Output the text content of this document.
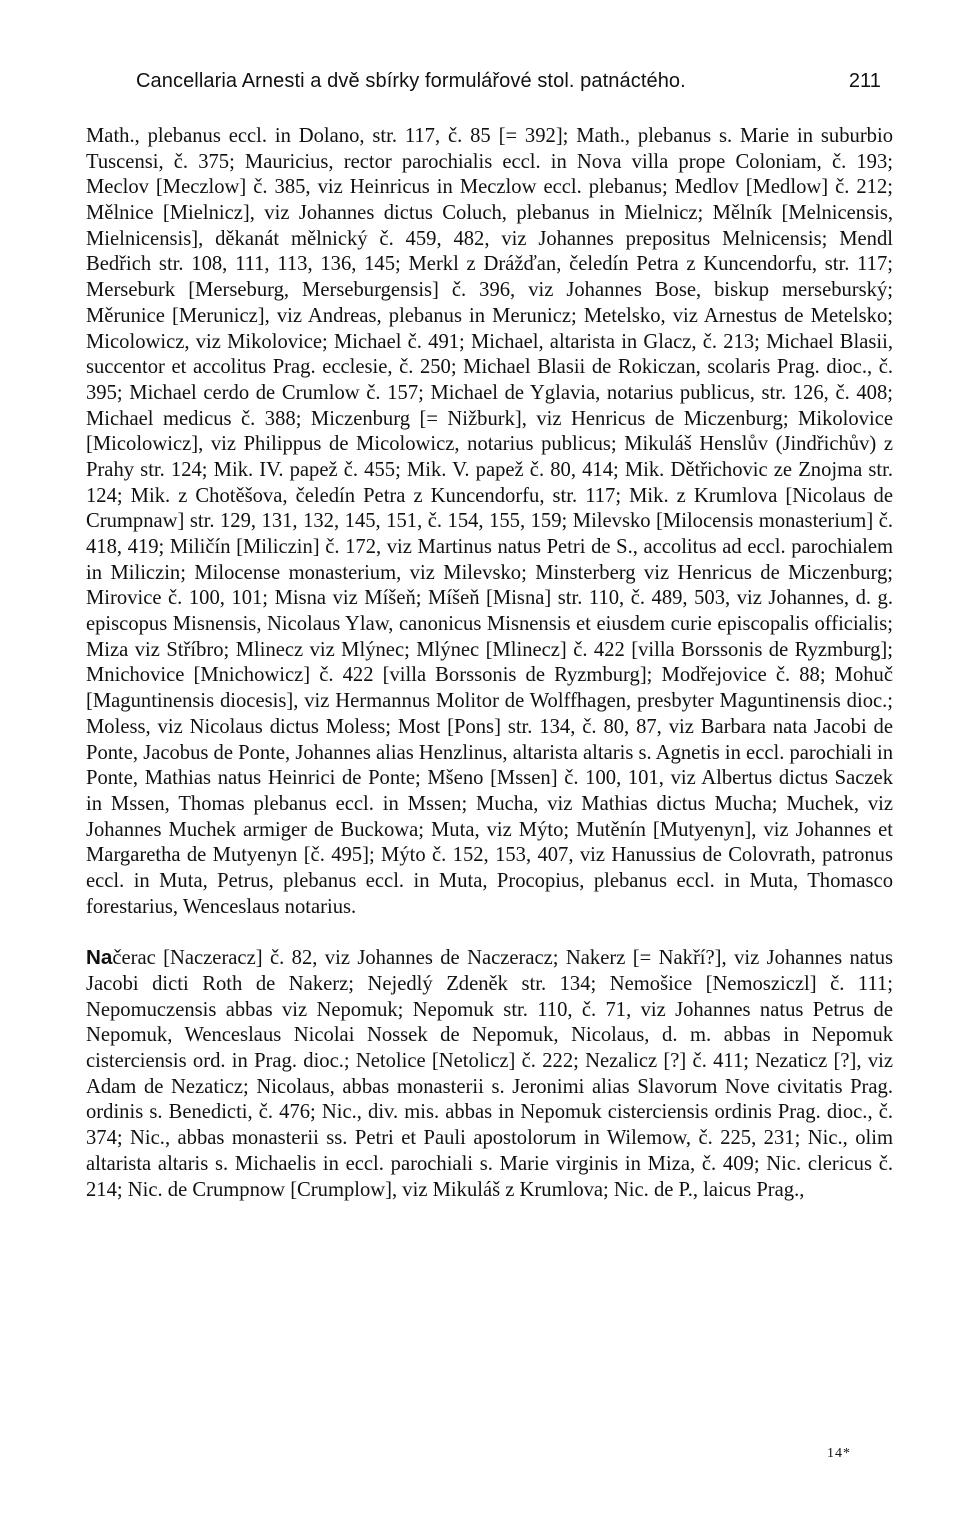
Cancellaria Arnesti a dvě sbírky formulářové stol. patnáctého.	211

Math., plebanus eccl. in Dolano, str. 117, č. 85 [= 392]; Math., plebanus s. Marie in suburbio Tuscensi, č. 375; Mauricius, rector parochialis eccl. in Nova villa prope Coloniam, č. 193; Meclov [Meczlow] č. 385, viz Heinricus in Meczlow eccl. plebanus; Medlov [Medlow] č. 212; Mělnice [Mielnicz], viz Johannes dictus Coluch, plebanus in Mielnicz; Mělník [Melnicensis, Mielnicensis], děkanát mělnický č. 459, 482, viz Johannes prepositus Melnicensis; Mendl Bedřich str. 108, 111, 113, 136, 145; Merkl z Drážďan, čeledín Petra z Kuncendorfu, str. 117; Merseburk [Merseburg, Merseburgensis] č. 396, viz Johannes Bose, biskup merseburský; Měrunice [Merunicz], viz Andreas, plebanus in Merunicz; Metelsko, viz Arnestus de Metelsko; Micolowicz, viz Mikolovice; Michael č. 491; Michael, altarista in Glacz, č. 213; Michael Blasii, succentor et accolitus Prag. ecclesie, č. 250; Michael Blasii de Rokiczan, scolaris Prag. dioc., č. 395; Michael cerdo de Crumlow č. 157; Michael de Yglavia, notarius publicus, str. 126, č. 408; Michael medicus č. 388; Miczenburg [= Nižburk], viz Henricus de Miczenburg; Mikolovice [Micolowicz], viz Philippus de Micolowicz, notarius publicus; Mikuláš Henslův (Jindřichův) z Prahy str. 124; Mik. IV. papež č. 455; Mik. V. papež č. 80, 414; Mik. Dětřichovic ze Znojma str. 124; Mik. z Chotěšova, čeledín Petra z Kuncendorfu, str. 117; Mik. z Krumlova [Nicolaus de Crumpnaw] str. 129, 131, 132, 145, 151, č. 154, 155, 159; Milevsko [Milocensis monasterium] č. 418, 419; Miličín [Miliczin] č. 172, viz Martinus natus Petri de S., accolitus ad eccl. parochialem in Miliczin; Milocense monasterium, viz Milevsko; Minsterberg viz Henricus de Miczenburg; Mirovice č. 100, 101; Misna viz Míšeň; Míšeň [Misna] str. 110, č. 489, 503, viz Johannes, d. g. episcopus Misnensis, Nicolaus Ylaw, canonicus Misnensis et eiusdem curie episcopalis officialis; Miza viz Stříbro; Mlinecz viz Mlýnec; Mlýnec [Mlinecz] č. 422 [villa Borssonis de Ryzmburg]; Mnichovice [Mnichowicz] č. 422 [villa Borssonis de Ryzmburg]; Modřejovice č. 88; Mohuč [Maguntinensis diocesis], viz Hermannus Molitor de Wolffhagen, presbyter Maguntinensis dioc.; Moless, viz Nicolaus dictus Moless; Most [Pons] str. 134, č. 80, 87, viz Barbara nata Jacobi de Ponte, Jacobus de Ponte, Johannes alias Henzlinus, altarista altaris s. Agnetis in eccl. parochiali in Ponte, Mathias natus Heinrici de Ponte; Mšeno [Mssen] č. 100, 101, viz Albertus dictus Saczek in Mssen, Thomas plebanus eccl. in Mssen; Mucha, viz Mathias dictus Mucha; Muchek, viz Johannes Muchek armiger de Buckowa; Muta, viz Mýto; Mutěnín [Mutyenyn], viz Johannes et Margaretha de Mutyenyn [č. 495]; Mýto č. 152, 153, 407, viz Hanussius de Colovrath, patronus eccl. in Muta, Petrus, plebanus eccl. in Muta, Procopius, plebanus eccl. in Muta, Thomasco forestarius, Wenceslaus notarius.

Načerac [Naczeracz] č. 82, viz Johannes de Naczeracz; Nakerz [= Nakří?], viz Johannes natus Jacobi dicti Roth de Nakerz; Nejedlý Zdeněk str. 134; Nemošice [Nemosziczl] č. 111; Nepomuczensis abbas viz Nepomuk; Nepomuk str. 110, č. 71, viz Johannes natus Petrus de Nepomuk, Wenceslaus Nicolai Nossek de Nepomuk, Nicolaus, d. m. abbas in Nepomuk cisterciensis ord. in Prag. dioc.; Netolice [Netolicz] č. 222; Nezalicz [?] č. 411; Nezaticz [?], viz Adam de Nezaticz; Nicolaus, abbas monasterii s. Jeronimi alias Slavorum Nove civitatis Prag. ordinis s. Benedicti, č. 476; Nic., div. mis. abbas in Nepomuk cisterciensis ordinis Prag. dioc., č. 374; Nic., abbas monasterii ss. Petri et Pauli apostolorum in Wilemow, č. 225, 231; Nic., olim altarista altaris s. Michaelis in eccl. parochiali s. Marie virginis in Miza, č. 409; Nic. clericus č. 214; Nic. de Crumpnow [Crumplow], viz Mikuláš z Krumlova; Nic. de P., laicus Prag.,

14*
